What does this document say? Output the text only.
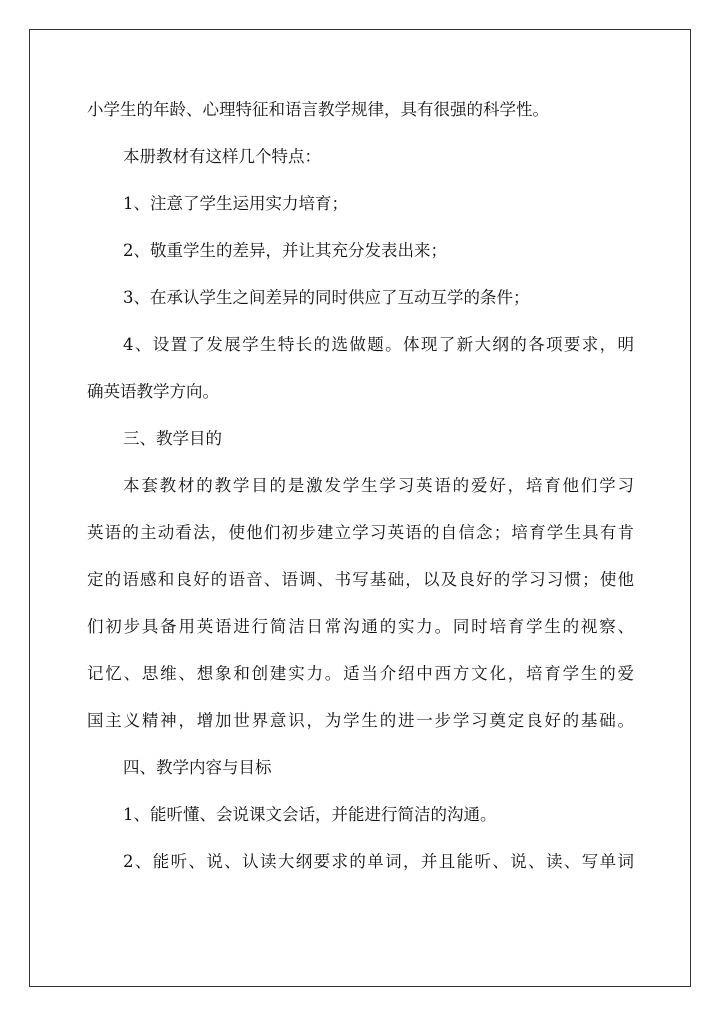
小学生的年龄、心理特征和语言教学规律，具有很强的科学性。
本册教材有这样几个特点：
1、注意了学生运用实力培育；
2、敬重学生的差异，并让其充分发表出来；
3、在承认学生之间差异的同时供应了互动互学的条件；
4、设置了发展学生特长的选做题。体现了新大纲的各项要求，明
确英语教学方向。
三、教学目的
本套教材的教学目的是激发学生学习英语的爱好，培育他们学习
英语的主动看法，使他们初步建立学习英语的自信念；培育学生具有肯
定的语感和良好的语音、语调、书写基础，以及良好的学习习惯；使他
们初步具备用英语进行简洁日常沟通的实力。同时培育学生的视察、
记忆、思维、想象和创建实力。适当介绍中西方文化，培育学生的爱
国主义精神，增加世界意识，为学生的进一步学习奠定良好的基础。
四、教学内容与目标
1、能听懂、会说课文会话，并能进行简洁的沟通。
2、能听、说、认读大纲要求的单词，并且能听、说、读、写单词
